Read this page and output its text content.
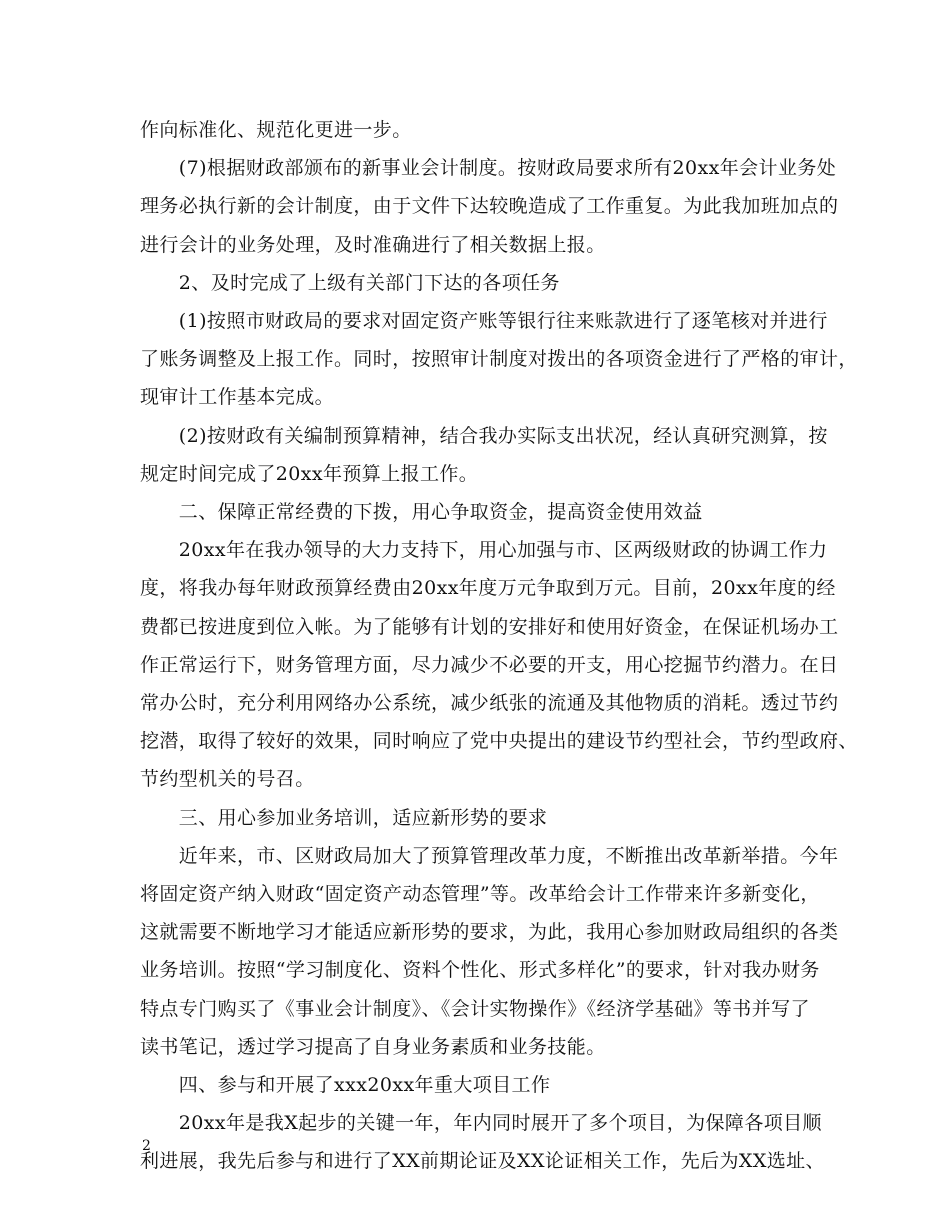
作向标准化、规范化更进一步。
　　(7)根据财政部颁布的新事业会计制度。按财政局要求所有20xx年会计业务处
理务必执行新的会计制度，由于文件下达较晚造成了工作重复。为此我加班加点的
进行会计的业务处理，及时准确进行了相关数据上报。
　　2、及时完成了上级有关部门下达的各项任务
　　(1)按照市财政局的要求对固定资产账等银行往来账款进行了逐笔核对并进行
了账务调整及上报工作。同时，按照审计制度对拨出的各项资金进行了严格的审计，
现审计工作基本完成。
　　(2)按财政有关编制预算精神，结合我办实际支出状况，经认真研究测算，按
规定时间完成了20xx年预算上报工作。
　　二、保障正常经费的下拨，用心争取资金，提高资金使用效益
　　20xx年在我办领导的大力支持下，用心加强与市、区两级财政的协调工作力
度，将我办每年财政预算经费由20xx年度万元争取到万元。目前，20xx年度的经
费都已按进度到位入帐。为了能够有计划的安排好和使用好资金，在保证机场办工
作正常运行下，财务管理方面，尽力减少不必要的开支，用心挖掘节约潜力。在日
常办公时，充分利用网络办公系统，减少纸张的流通及其他物质的消耗。透过节约
挖潜，取得了较好的效果，同时响应了党中央提出的建设节约型社会，节约型政府、
节约型机关的号召。
　　三、用心参加业务培训，适应新形势的要求
　　近年来，市、区财政局加大了预算管理改革力度，不断推出改革新举措。今年
将固定资产纳入财政“固定资产动态管理”等。改革给会计工作带来许多新变化，
这就需要不断地学习才能适应新形势的要求，为此，我用心参加财政局组织的各类
业务培训。按照“学习制度化、资料个性化、形式多样化”的要求，针对我办财务
特点专门购买了《事业会计制度》、《会计实物操作》《经济学基础》等书并写了
读书笔记，透过学习提高了自身业务素质和业务技能。
　　四、参与和开展了xxx20xx年重大项目工作
　　20xx年是我X起步的关键一年，年内同时展开了多个项目，为保障各项目顺
利进展，我先后参与和进行了XX前期论证及XX论证相关工作，先后为XX选址、
2
